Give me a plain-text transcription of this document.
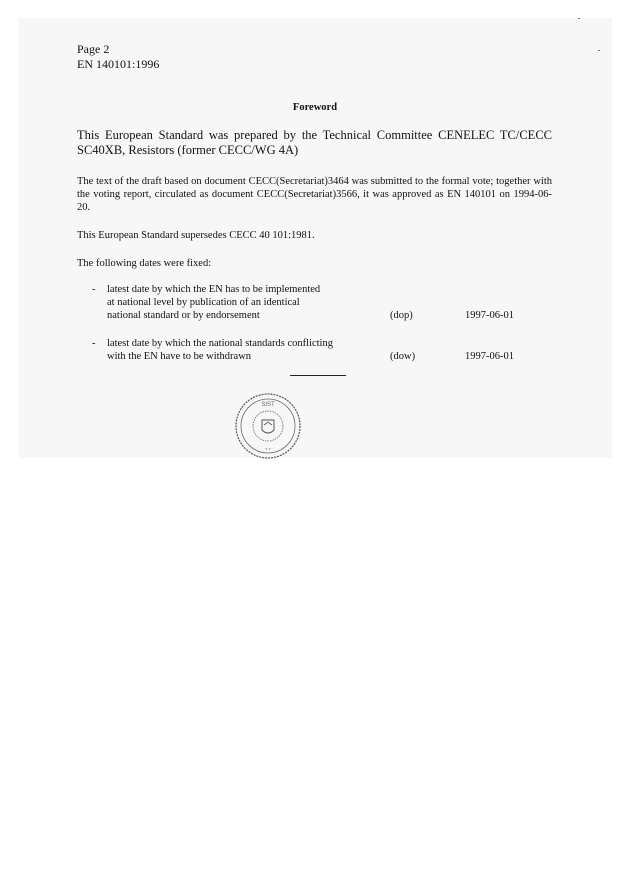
Page 2
EN 140101:1996
Foreword
This European Standard was prepared by the Technical Committee CENELEC TC/CECC SC40XB, Resistors (former CECC/WG 4A)
The text of the draft based on document CECC(Secretariat)3464 was submitted to the formal vote; together with the voting report, circulated as document CECC(Secretariat)3566, it was approved as EN 140101 on 1994-06-20.
This European Standard supersedes CECC 40 101:1981.
The following dates were fixed:
- latest date by which the EN has to be implemented
at national level by publication of an identical
national standard or by endorsement	(dop)	1997-06-01
- latest date by which the national standards conflicting
with the EN have to be withdrawn	(dow)	1997-06-01
SIST
* *
